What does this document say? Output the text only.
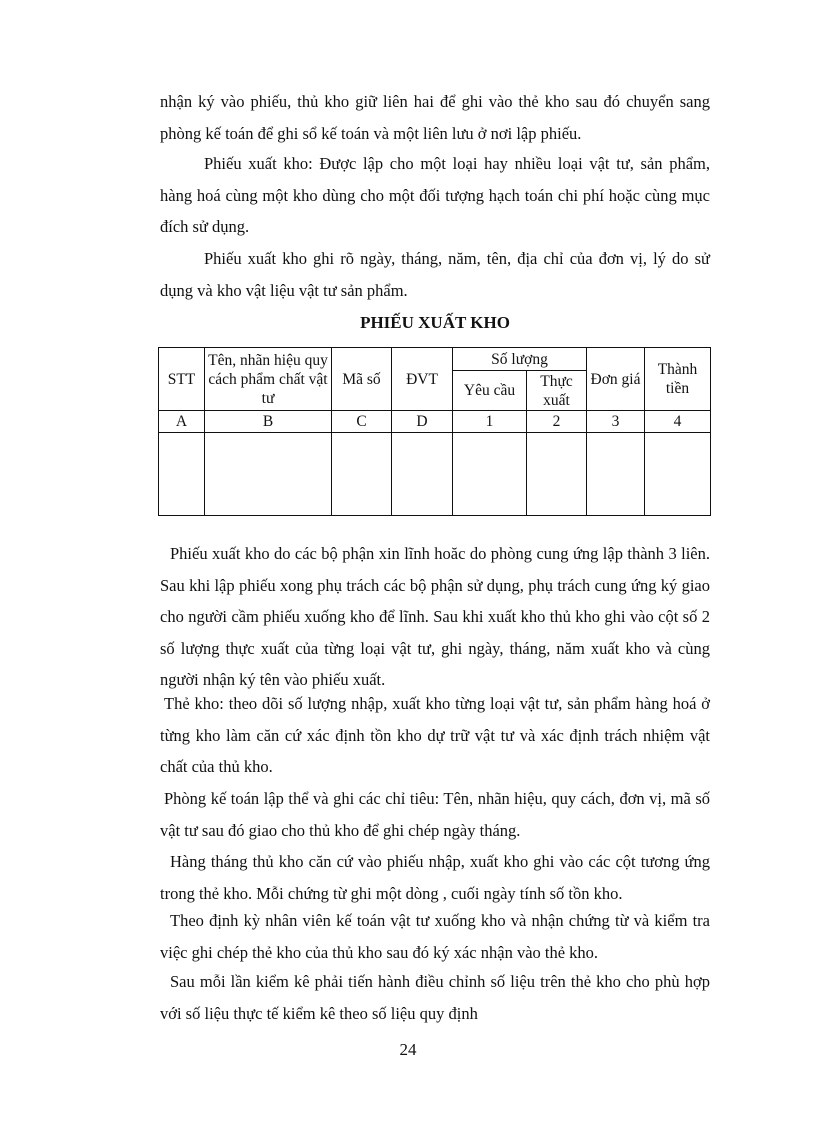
nhận ký vào phiếu, thủ kho giữ liên hai để ghi vào thẻ kho sau đó chuyển sang phòng kế toán để ghi sổ kế toán và một liên lưu ở nơi lập phiếu.

Phiếu xuất kho: Được lập cho một loại hay nhiều loại vật tư, sản phẩm, hàng hoá cùng một kho dùng cho một đối tượng hạch toán chi phí hoặc cùng mục đích sử dụng.

Phiếu xuất kho ghi rõ ngày, tháng, năm, tên, địa chỉ của đơn vị, lý do sử dụng và kho vật liệu vật tư sản phẩm.

PHIẾU XUẤT KHO
STT	Tên, nhãn hiệu quy cách phẩm chất vật tư	Mã số	ĐVT	Số lượng		Đơn giá	Thành tiền
				Yêu cầu	Thực xuất		
A	B	C	D	1	2	3	4

Phiếu xuất kho do các bộ phận xin lĩnh hoăc do phòng cung ứng lập thành 3 liên. Sau khi lập phiếu xong phụ trách các bộ phận sử dụng, phụ trách cung ứng ký giao cho người cầm phiếu xuống kho để lĩnh. Sau khi xuất kho thủ kho ghi vào cột số 2 số lượng thực xuất của từng loại vật tư, ghi ngày, tháng, năm xuất kho và cùng người nhận ký tên vào phiếu xuất.

Thẻ kho: theo dõi số lượng nhập, xuất kho từng loại vật tư, sản phẩm hàng hoá ở từng kho làm căn cứ xác định tồn kho dự trữ vật tư và xác định trách nhiệm vật chất của thủ kho.

Phòng kế toán lập thể và ghi các chỉ tiêu: Tên, nhãn hiệu, quy cách, đơn vị, mã số vật tư sau đó giao cho thủ kho để ghi chép ngày tháng.

Hàng tháng thủ kho căn cứ vào phiếu nhập, xuất kho ghi vào các cột tương ứng trong thẻ kho. Mỗi chứng từ ghi một dòng , cuối ngày tính số tồn kho.

Theo định kỳ nhân viên kế toán vật tư xuống kho và nhận chứng từ và kiểm tra việc ghi chép thẻ kho của thủ kho sau đó ký xác nhận vào thẻ kho.

Sau mỗi lần kiểm kê phải tiến hành điều chỉnh số liệu trên thẻ kho cho phù hợp với số liệu thực tế kiểm kê theo số liệu quy định

24
